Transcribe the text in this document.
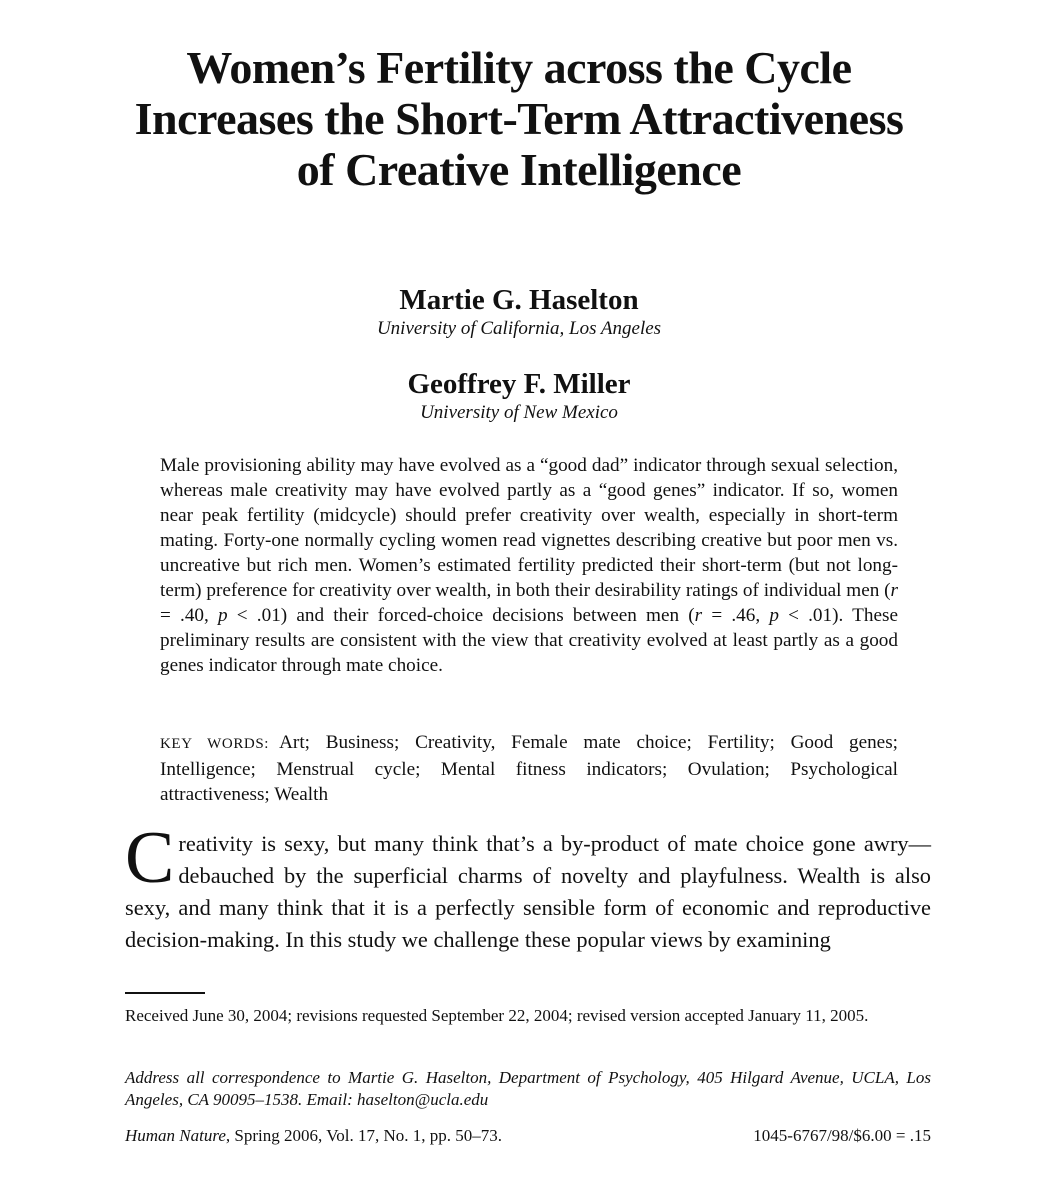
Women’s Fertility across the Cycle Increases the Short-Term Attractiveness of Creative Intelligence
Martie G. Haselton
University of California, Los Angeles
Geoffrey F. Miller
University of New Mexico

Male provisioning ability may have evolved as a “good dad” indicator through sexual selection, whereas male creativity may have evolved partly as a “good genes” indicator. If so, women near peak fertility (midcycle) should prefer creativity over wealth, especially in short-term mating. Forty-one normally cycling women read vignettes describing creative but poor men vs. uncreative but rich men. Women’s estimated fertility predicted their short-term (but not long-term) preference for creativity over wealth, in both their desirability ratings of individual men (r = .40, p < .01) and their forced-choice decisions between men (r = .46, p < .01). These preliminary results are consistent with the view that creativity evolved at least partly as a good genes indicator through mate choice.

KEY WORDS: Art; Business; Creativity, Female mate choice; Fertility; Good genes; Intelligence; Menstrual cycle; Mental fitness indicators; Ovulation; Psychological attractiveness; Wealth

Creativity is sexy, but many think that’s a by-product of mate choice gone awry—debauched by the superficial charms of novelty and playfulness. Wealth is also sexy, and many think that it is a perfectly sensible form of economic and reproductive decision-making. In this study we challenge these popular views by examining

Received June 30, 2004; revisions requested September 22, 2004; revised version accepted January 11, 2005.

Address all correspondence to Martie G. Haselton, Department of Psychology, 405 Hilgard Avenue, UCLA, Los Angeles, CA 90095–1538. Email: haselton@ucla.edu

Human Nature, Spring 2006, Vol. 17, No. 1, pp. 50–73.	1045-6767/98/$6.00 = .15
